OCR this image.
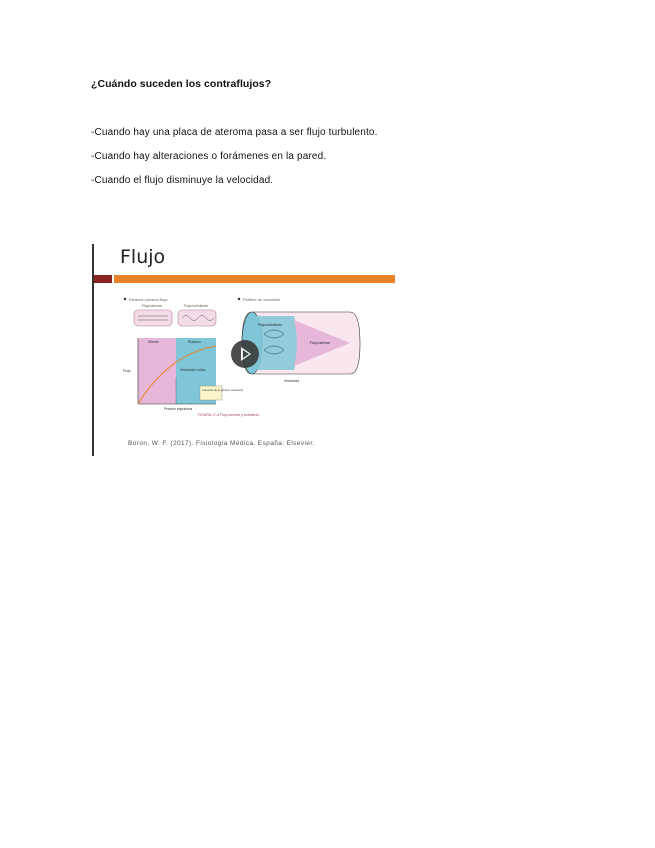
¿Cuándo suceden los contraflujos?
-Cuando hay una placa de ateroma pasa a ser flujo turbulento.
-Cuando hay alteraciones o forámenes en la pared.
-Cuando el flujo disminuye la velocidad.
Flujo
Relación presión-flujo
Flujo laminar	Flujo turbulento
Silente	Ruidoso
Velocidad crítica
Flujo
Presión impulsora
Aumento de la presión necesaria
Perfiles de velocidad
Flujo turbulento
Flujo laminar
Velocidad
FIGURA 17-4 Flujo laminar y turbulento.
Boron, W. F. (2017). Fisiología Médica. España: Elsevier.
